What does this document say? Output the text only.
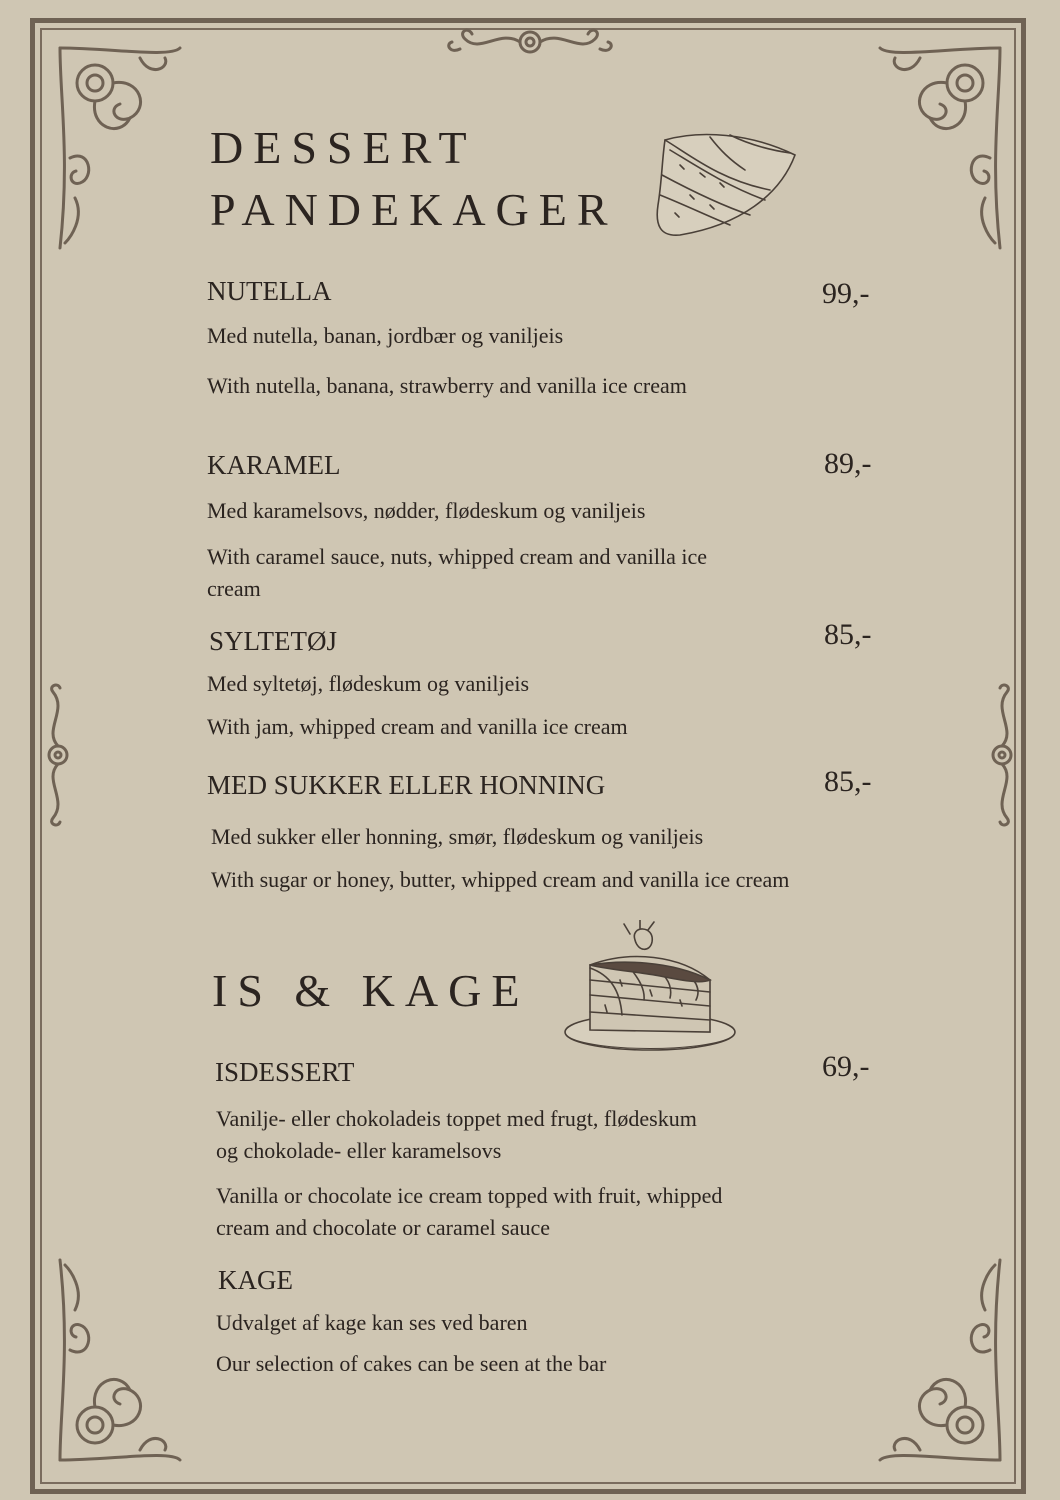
DESSERT
PANDEKAGER
NUTELLA	99,-

Med nutella, banan, jordbær og vaniljeis

With nutella, banana, strawberry and vanilla ice cream

KARAMEL	89,-

Med karamelsovs, nødder, flødeskum og vaniljeis

With caramel sauce, nuts, whipped cream and vanilla ice cream

SYLTETØJ	85,-

Med syltetøj, flødeskum og vaniljeis

With jam, whipped cream and vanilla ice cream

MED SUKKER ELLER HONNING	85,-

Med sukker eller honning, smør, flødeskum og vaniljeis

With sugar or honey, butter, whipped cream and vanilla ice cream

IS & KAGE
ISDESSERT	69,-

Vanilje- eller chokoladeis toppet med frugt, flødeskum og chokolade- eller karamelsovs

Vanilla or chocolate ice cream topped with fruit, whipped cream and chocolate or caramel sauce

KAGE

Udvalget af kage kan ses ved baren

Our selection of cakes can be seen at the bar
